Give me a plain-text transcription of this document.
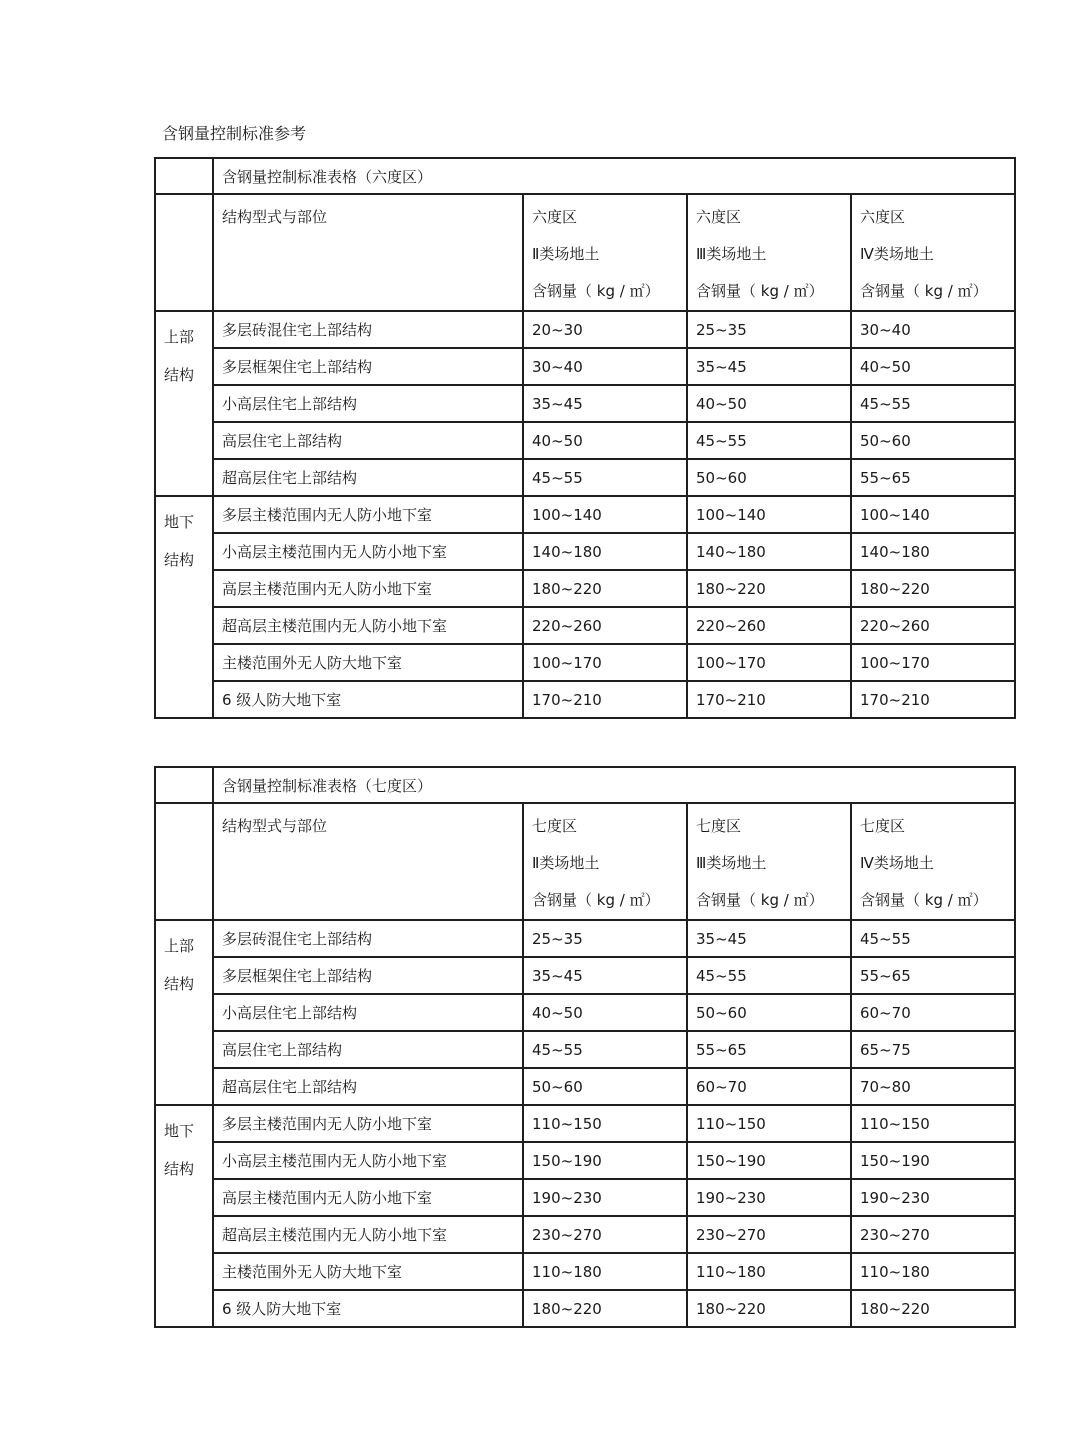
含钢量控制标准参考
	含钢量控制标准表格（六度区）			

	结构型式与部位	六度区
Ⅱ类场地土
含钢量（ kg / ㎡）	六度区
Ⅲ类场地土
含钢量（ kg / ㎡）	六度区
Ⅳ类场地土
含钢量（ kg / ㎡）

上部
结构	多层砖混住宅上部结构	20~30	25~35	30~40
	多层框架住宅上部结构	30~40	35~45	40~50
	小高层住宅上部结构	35~45	40~50	45~55
	高层住宅上部结构	40~50	45~55	50~60
	超高层住宅上部结构	45~55	50~60	55~65

地下
结构	多层主楼范围内无人防小地下室	100~140	100~140	100~140
	小高层主楼范围内无人防小地下室	140~180	140~180	140~180
	高层主楼范围内无人防小地下室	180~220	180~220	180~220
	超高层主楼范围内无人防小地下室	220~260	220~260	220~260
	主楼范围外无人防大地下室	100~170	100~170	100~170
	6 级人防大地下室	170~210	170~210	170~210
	含钢量控制标准表格（七度区）			

	结构型式与部位	七度区
Ⅱ类场地土
含钢量（ kg / ㎡）	七度区
Ⅲ类场地土
含钢量（ kg / ㎡）	七度区
Ⅳ类场地土
含钢量（ kg / ㎡）

上部
结构	多层砖混住宅上部结构	25~35	35~45	45~55
	多层框架住宅上部结构	35~45	45~55	55~65
	小高层住宅上部结构	40~50	50~60	60~70
	高层住宅上部结构	45~55	55~65	65~75
	超高层住宅上部结构	50~60	60~70	70~80

地下
结构	多层主楼范围内无人防小地下室	110~150	110~150	110~150
	小高层主楼范围内无人防小地下室	150~190	150~190	150~190
	高层主楼范围内无人防小地下室	190~230	190~230	190~230
	超高层主楼范围内无人防小地下室	230~270	230~270	230~270
	主楼范围外无人防大地下室	110~180	110~180	110~180
	6 级人防大地下室	180~220	180~220	180~220
